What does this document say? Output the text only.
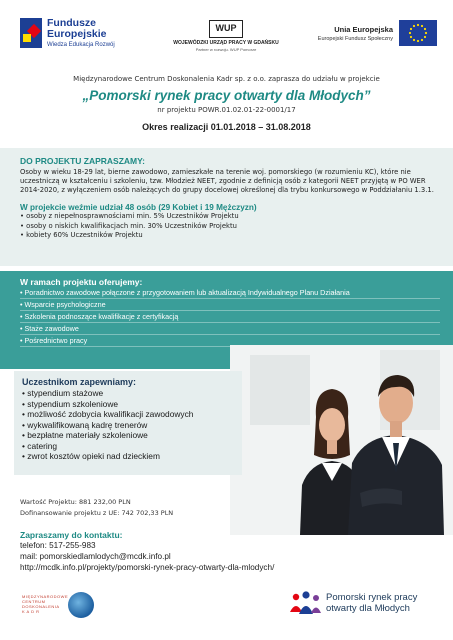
Fundusze
Europejskie
Wiedza Edukacja Rozwój
WUP
WOJEWÓDZKI URZĄD PRACY W GDAŃSKU
Partner w rozwoju. WUP Pomorze
Unia Europejska
Europejski Fundusz Społeczny
Międzynarodowe Centrum Doskonalenia Kadr sp. z o.o. zaprasza do udziału w projekcie
„Pomorski rynek pracy otwarty dla Młodych”
nr projektu POWR.01.02.01-22-0001/17
Okres realizacji 01.01.2018 – 31.08.2018
DO PROJEKTU ZAPRASZAMY:
Osoby w wieku 18-29 lat, bierne zawodowo, zamieszkałe na terenie woj. pomorskiego (w rozumieniu KC), które nie uczestniczą w kształceniu i szkoleniu, tzw. Młodzież NEET, zgodnie z definicją osób z kategorii NEET przyjętą w PO WER 2014-2020, z wyłączeniem osób należących do grupy docelowej określonej dla trybu konkursowego w Poddziałaniu 1.3.1.
W projekcie weźmie udział 48 osób (29 Kobiet i 19 Mężczyzn)
• osoby z niepełnosprawnościami min. 5% Uczestników Projektu
• osoby o niskich kwalifikacjach min. 30% Uczestników Projektu
• kobiety 60% Uczestników Projektu
W ramach projektu oferujemy:
• Poradnictwo zawodowe połączone z przygotowaniem lub aktualizacją Indywidualnego Planu Działania
• Wsparcie psychologiczne
• Szkolenia podnoszące kwalifikacje z certyfikacją
• Staże zawodowe
• Pośrednictwo pracy
Uczestnikom zapewniamy:
• stypendium stażowe
• stypendium szkoleniowe
• możliwość zdobycia kwalifikacji zawodowych
• wykwalifikowaną kadrę trenerów
• bezpłatne materiały szkoleniowe
• catering
• zwrot kosztów opieki nad dzieckiem
Wartość Projektu: 881 232,00 PLN
Dofinansowanie projektu z UE: 742 702,33 PLN
Zapraszamy do kontaktu:
telefon: 517-255-983
mail: pomorskiedlamlodych@mcdk.info.pl
http://mcdk.info.pl/projekty/pomorski-rynek-pracy-otwarty-dla-mlodych/
MIĘDZYNARODOWE
CENTRUM
DOSKONALENIA
K A D R
Pomorski rynek pracy
otwarty dla Młodych
